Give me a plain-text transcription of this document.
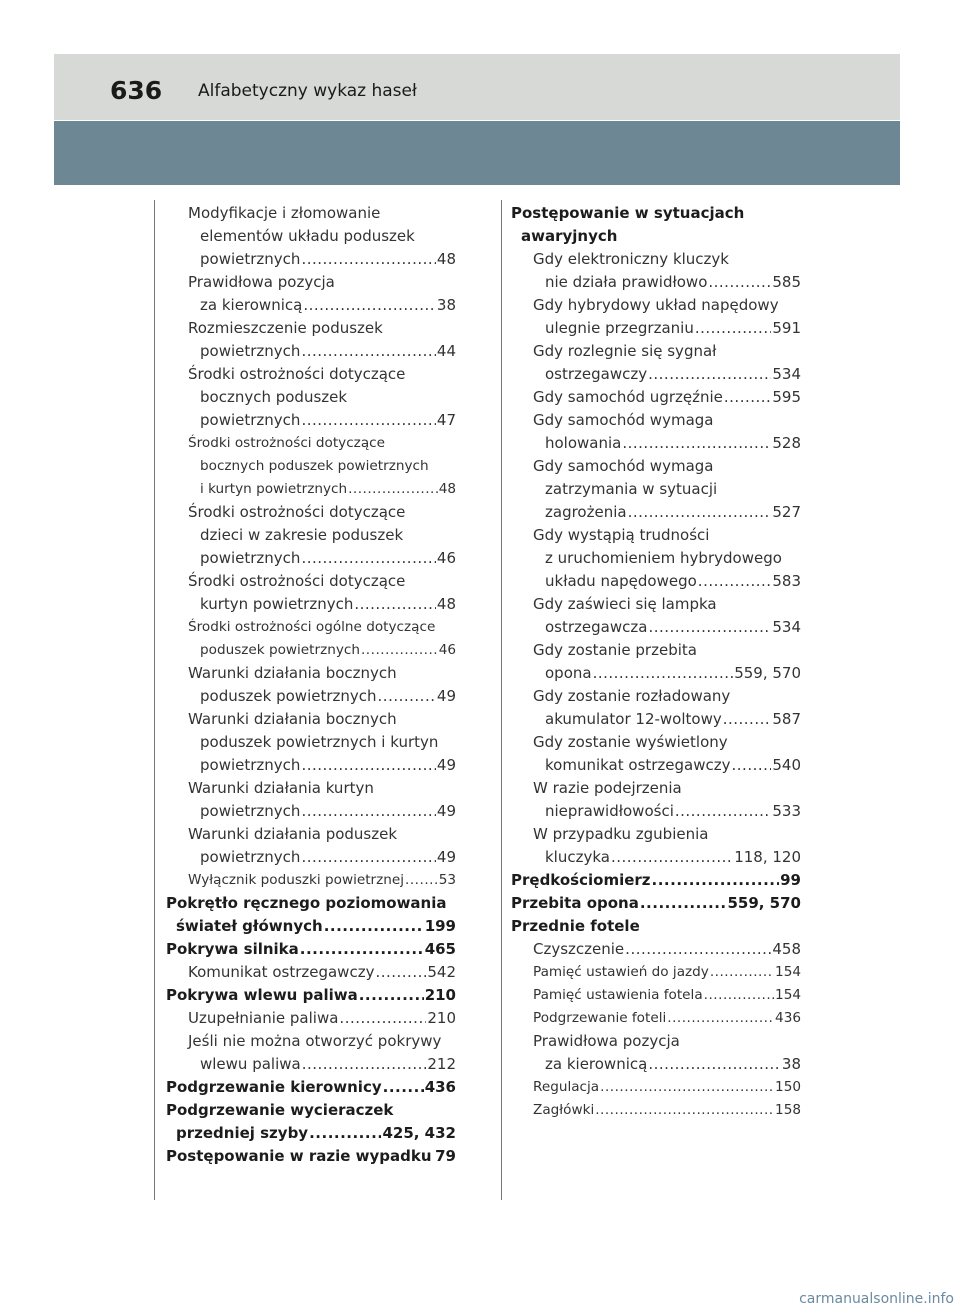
636 Alfabetyczny wykaz haseł
Modyfikacje i złomowanie
elementów układu poduszek
powietrznych .....	48
Prawidłowa pozycja
za kierownicą .....	38
Rozmieszczenie poduszek
powietrznych .....	44
Środki ostrożności dotyczące
bocznych poduszek
powietrznych .....	47
Środki ostrożności dotyczące
bocznych poduszek powietrznych
i kurtyn powietrznych .....	48
Środki ostrożności dotyczące
dzieci w zakresie poduszek
powietrznych .....	46
Środki ostrożności dotyczące
kurtyn powietrznych .....	48
Środki ostrożności ogólne dotyczące
poduszek powietrznych .....	46
Warunki działania bocznych
poduszek powietrznych .....	49
Warunki działania bocznych
poduszek powietrznych i kurtyn
powietrznych .....	49
Warunki działania kurtyn
powietrznych .....	49
Warunki działania poduszek
powietrznych .....	49
Wyłącznik poduszki powietrznej .....	53
Pokrętło ręcznego poziomowania
świateł głównych .....	199
Pokrywa silnika .....	465
Komunikat ostrzegawczy .....	542
Pokrywa wlewu paliwa .....	210
Uzupełnianie paliwa .....	210
Jeśli nie można otworzyć pokrywy
wlewu paliwa .....	212
Podgrzewanie kierownicy .....	436
Podgrzewanie wycieraczek
przedniej szyby .....	425, 432
Postępowanie w razie wypadku ..... 79
Postępowanie w sytuacjach
awaryjnych
Gdy elektroniczny kluczyk
nie działa prawidłowo .....	585
Gdy hybrydowy układ napędowy
ulegnie przegrzaniu .....	591
Gdy rozlegnie się sygnał
ostrzegawczy .....	534
Gdy samochód ugrzęźnie .....	595
Gdy samochód wymaga
holowania .....	528
Gdy samochód wymaga
zatrzymania w sytuacji
zagrożenia .....	527
Gdy wystąpią trudności
z uruchomieniem hybrydowego
układu napędowego .....	583
Gdy zaświeci się lampka
ostrzegawcza .....	534
Gdy zostanie przebita
opona .....	559, 570
Gdy zostanie rozładowany
akumulator 12-woltowy .....	587
Gdy zostanie wyświetlony
komunikat ostrzegawczy .....	540
W razie podejrzenia
nieprawidłowości .....	533
W przypadku zgubienia
kluczyka .....	118, 120
Prędkościomierz .....	99
Przebita opona .....	559, 570
Przednie fotele
Czyszczenie .....	458
Pamięć ustawień do jazdy .....	154
Pamięć ustawienia fotela .....	154
Podgrzewanie foteli .....	436
Prawidłowa pozycja
za kierownicą .....	38
Regulacja .....	150
Zagłówki .....	158
carmanualsonline.info
